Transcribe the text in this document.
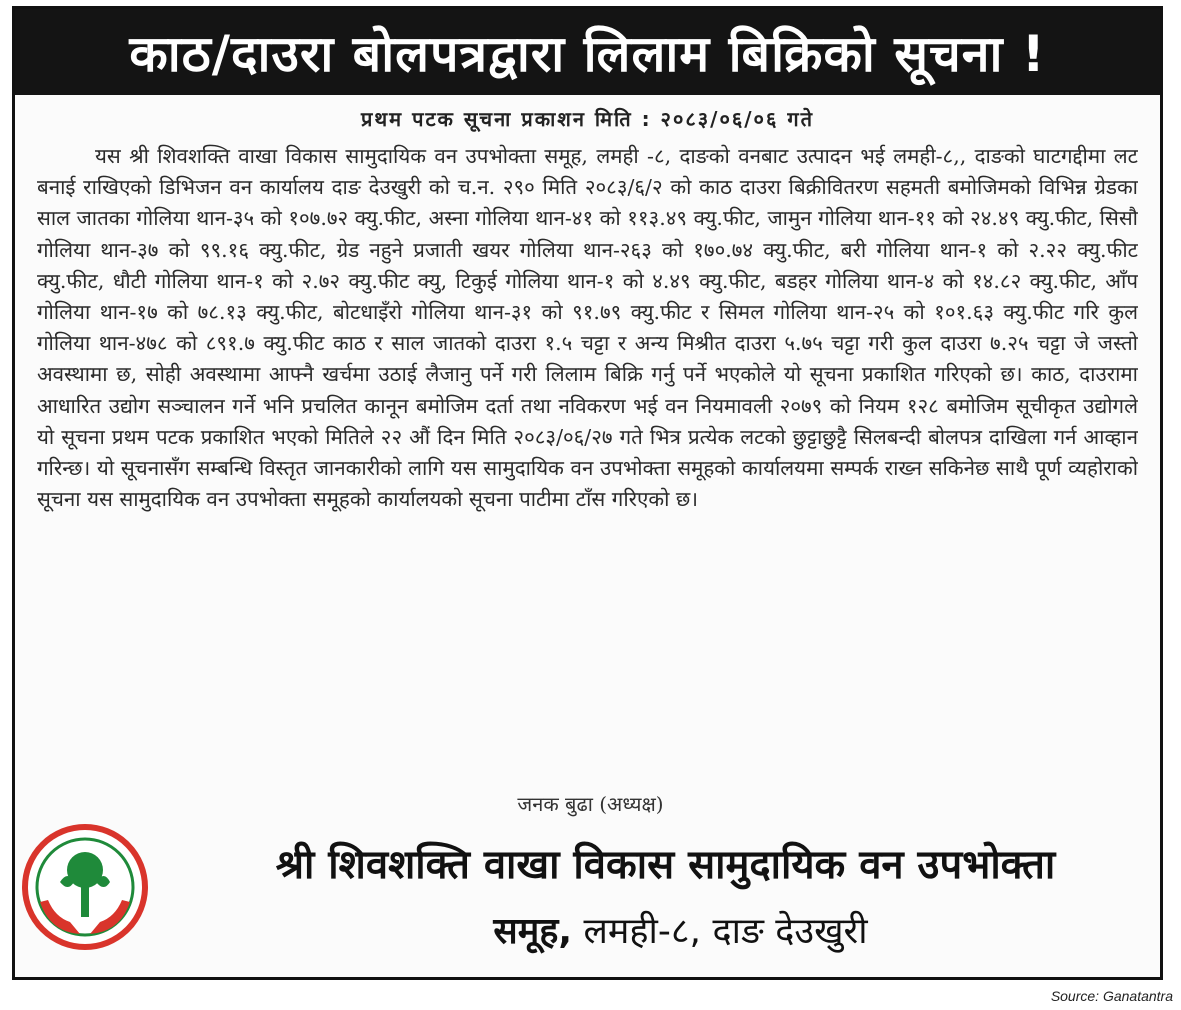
काठ/दाउरा बोलपत्रद्वारा लिलाम बिक्रिको सूचना !
प्रथम पटक सूचना प्रकाशन मिति : २०८३/०६/०६ गते
यस श्री शिवशक्ति वाखा विकास सामुदायिक वन उपभोक्ता समूह, लमही -८, दाङको वनबाट उत्पादन भई लमही-८,, दाङको घाटगद्दीमा लट बनाई राखिएको डिभिजन वन कार्यालय दाङ देउखुरी को च.न. २९० मिति २०८३/६/२ को काठ दाउरा बिक्रीवितरण सहमती बमोजिमको विभिन्न ग्रेडका साल जातका गोलिया थान-३५ को १०७.७२ क्यु.फीट, अस्ना गोलिया थान-४१ को ११३.४९ क्यु.फीट, जामुन गोलिया थान-११ को २४.४९ क्यु.फीट, सिसौ गोलिया थान-३७ को ९९.१६ क्यु.फीट, ग्रेड नहुने प्रजाती खयर गोलिया थान-२६३ को १७०.७४ क्यु.फीट, बरी गोलिया थान-१ को २.२२ क्यु.फीट क्यु.फीट, धौटी गोलिया थान-१ को २.७२ क्यु.फीट क्यु, टिकुई गोलिया थान-१ को ४.४९ क्यु.फीट, बडहर गोलिया थान-४ को १४.८२ क्यु.फीट, आँप गोलिया थान-१७ को ७८.१३ क्यु.फीट, बोटधाइँरो गोलिया थान-३१ को ९१.७९ क्यु.फीट र सिमल गोलिया थान-२५ को १०१.६३ क्यु.फीट गरि कुल गोलिया थान-४७८ को ८९१.७ क्यु.फीट काठ र साल जातको दाउरा १.५ चट्टा र अन्य मिश्रीत दाउरा ५.७५ चट्टा गरी कुल दाउरा ७.२५ चट्टा जे जस्तो अवस्थामा छ, सोही अवस्थामा आफ्नै खर्चमा उठाई लैजानु पर्ने गरी लिलाम बिक्रि गर्नु पर्ने भएकोले यो सूचना प्रकाशित गरिएको छ। काठ, दाउरामा आधारित उद्योग सञ्चालन गर्ने भनि प्रचलित कानून बमोजिम दर्ता तथा नविकरण भई वन नियमावली २०७९ को नियम १२८ बमोजिम सूचीकृत उद्योगले यो सूचना प्रथम पटक प्रकाशित भएको मितिले २२ औं दिन मिति २०८३/०६/२७ गते भित्र प्रत्येक लटको छुट्टाछुट्टै सिलबन्दी बोलपत्र दाखिला गर्न आव्हान गरिन्छ। यो सूचनासँग सम्बन्धि विस्तृत जानकारीको लागि यस सामुदायिक वन उपभोक्ता समूहको कार्यालयमा सम्पर्क राख्न सकिनेछ साथै पूर्ण व्यहोराको सूचना यस सामुदायिक वन उपभोक्ता समूहको कार्यालयको सूचना पाटीमा टाँस गरिएको छ।
जनक बुढा (अध्यक्ष)
श्री शिवशक्ति वाखा विकास सामुदायिक वन उपभोक्ता
समूह, लमही-८, दाङ देउखुरी
Source: Ganatantra
